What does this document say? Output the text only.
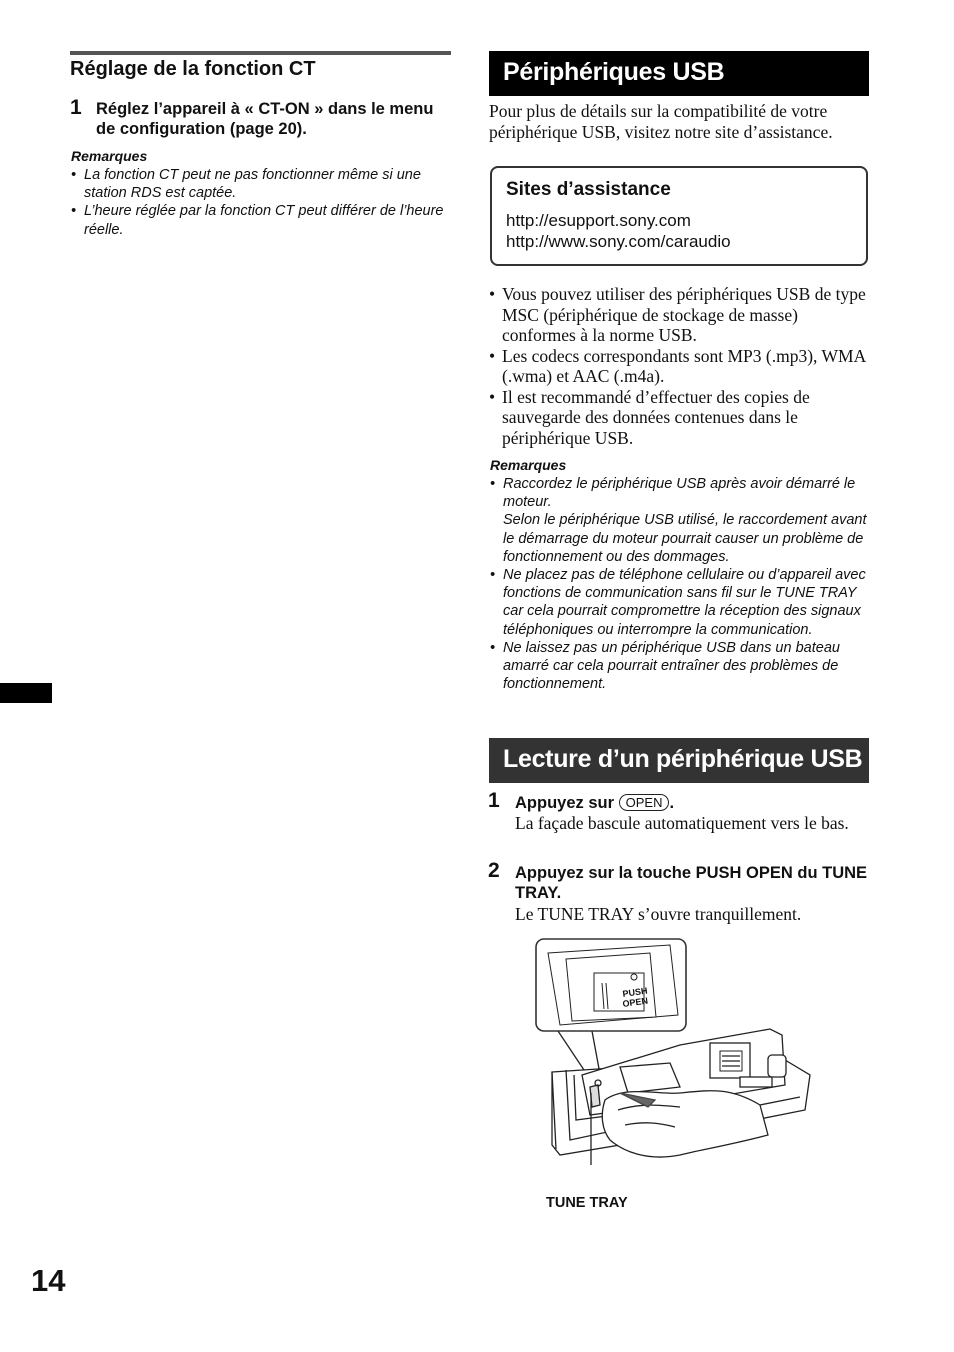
Réglage de la fonction CT
1 Réglez l’appareil à « CT-ON » dans le menu de configuration (page 20).
Remarques
• La fonction CT peut ne pas fonctionner même si une station RDS est captée.
• L’heure réglée par la fonction CT peut différer de l’heure réelle.
Périphériques USB
Pour plus de détails sur la compatibilité de votre périphérique USB, visitez notre site d’assistance.
Sites d’assistance
http://esupport.sony.com
http://www.sony.com/caraudio
• Vous pouvez utiliser des périphériques USB de type MSC (périphérique de stockage de masse) conformes à la norme USB.
• Les codecs correspondants sont MP3 (.mp3), WMA (.wma) et AAC (.m4a).
• Il est recommandé d’effectuer des copies de sauvegarde des données contenues dans le périphérique USB.
Remarques
• Raccordez le périphérique USB après avoir démarré le moteur.
Selon le périphérique USB utilisé, le raccordement avant le démarrage du moteur pourrait causer un problème de fonctionnement ou des dommages.
• Ne placez pas de téléphone cellulaire ou d’appareil avec fonctions de communication sans fil sur le TUNE TRAY car cela pourrait compromettre la réception des signaux téléphoniques ou interrompre la communication.
• Ne laissez pas un périphérique USB dans un bateau amarré car cela pourrait entraîner des problèmes de fonctionnement.
Lecture d’un périphérique USB
1 Appuyez sur OPEN .
La façade bascule automatiquement vers le bas.
2 Appuyez sur la touche PUSH OPEN du TUNE TRAY.
Le TUNE TRAY s’ouvre tranquillement.
PUSH
OPEN
TUNE TRAY
14
